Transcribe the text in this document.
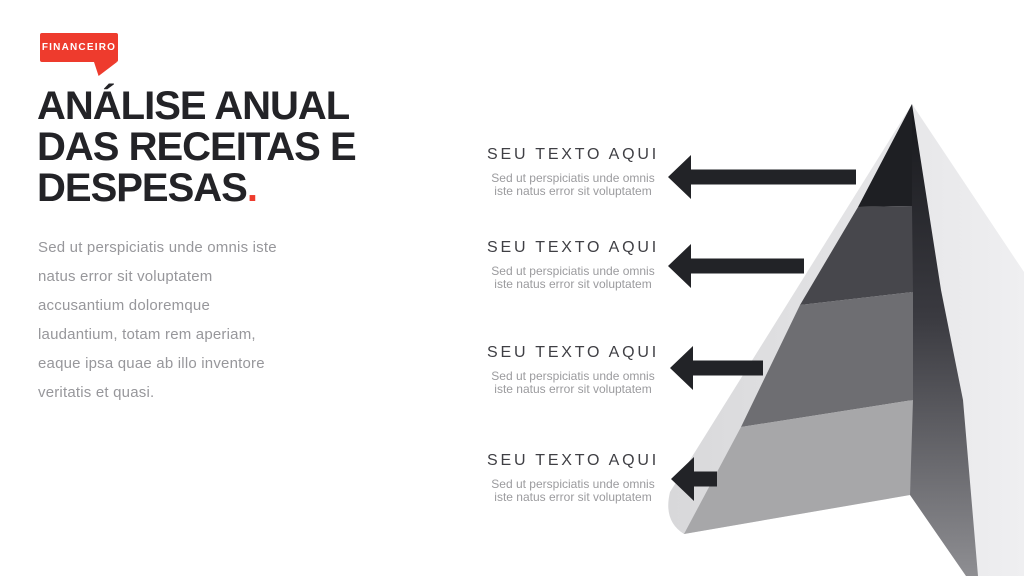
FINANCEIRO
ANÁLISE ANUAL
DAS RECEITAS E
DESPESAS.
Sed ut perspiciatis unde omnis iste
natus error sit voluptatem
accusantium doloremque
laudantium, totam rem aperiam,
eaque ipsa quae ab illo inventore
veritatis et quasi.
SEU TEXTO AQUI
Sed ut perspiciatis unde omnis
iste natus error sit voluptatem
SEU TEXTO AQUI
Sed ut perspiciatis unde omnis
iste natus error sit voluptatem
SEU TEXTO AQUI
Sed ut perspiciatis unde omnis
iste natus error sit voluptatem
SEU TEXTO AQUI
Sed ut perspiciatis unde omnis
iste natus error sit voluptatem
